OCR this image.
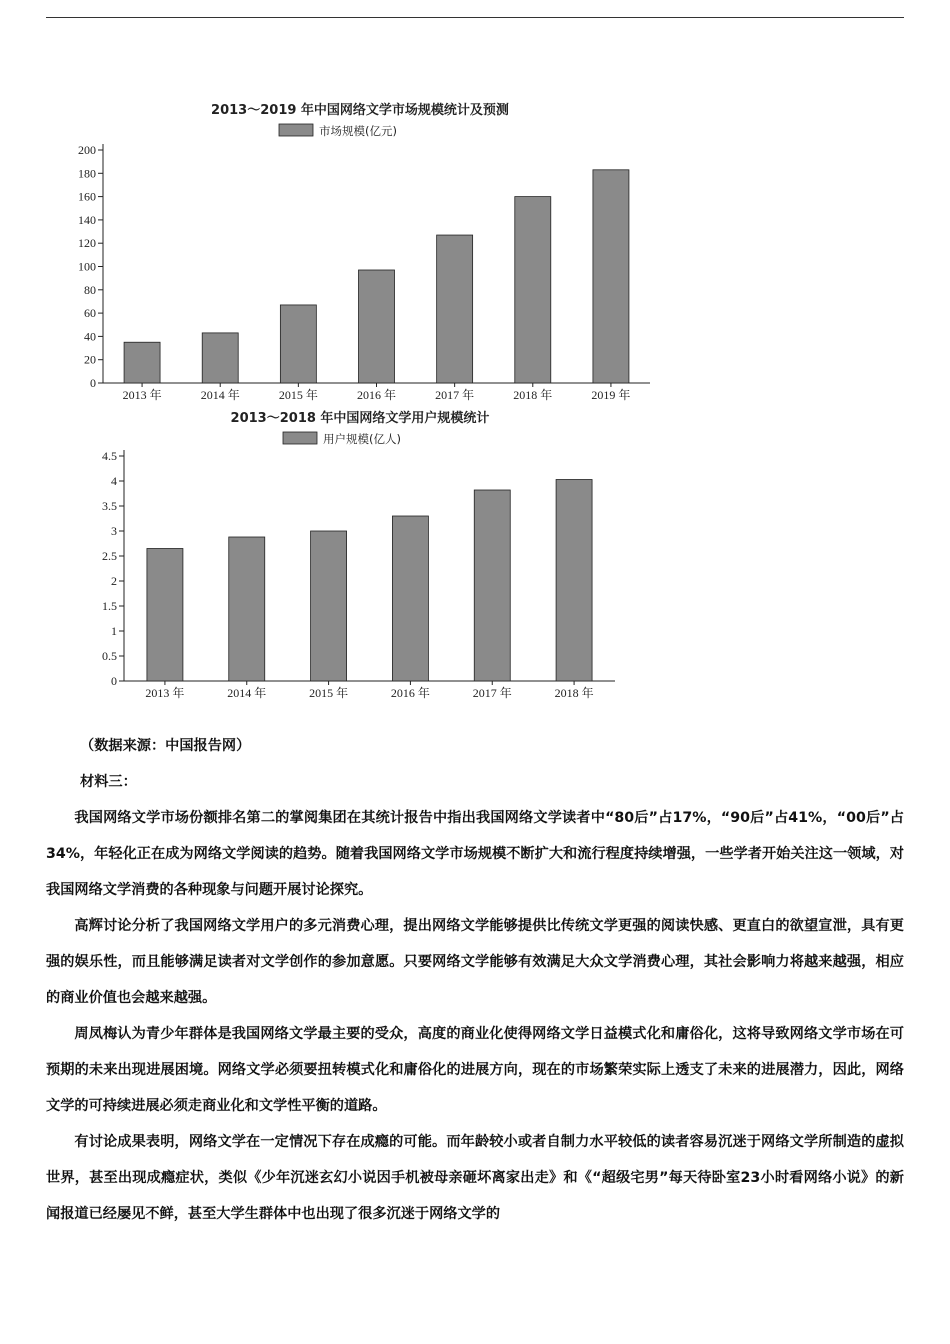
2013～2019 年中国网络文学市场规模统计及预测
市场规模(亿元)
0
20
40
60
80
100
120
140
160
180
200
2013 年	2014 年	2015 年	2016 年	2017 年	2018 年	2019 年
2013～2018 年中国网络文学用户规模统计
用户规模(亿人)
0
0.5
1
1.5
2
2.5
3
3.5
4
4.5
2013 年	2014 年	2015 年	2016 年	2017 年	2018 年
（数据来源：中国报告网）
材料三：

我国网络文学市场份额排名第二的掌阅集团在其统计报告中指出我国网络文学读者中“80后”占17%，“90后”占41%，“00后”占34%，年轻化正在成为网络文学阅读的趋势。随着我国网络文学市场规模不断扩大和流行程度持续增强，一些学者开始关注这一领域，对我国网络文学消费的各种现象与问题开展讨论探究。

高辉讨论分析了我国网络文学用户的多元消费心理，提出网络文学能够提供比传统文学更强的阅读快感、更直白的欲望宣泄，具有更强的娱乐性，而且能够满足读者对文学创作的参加意愿。只要网络文学能够有效满足大众文学消费心理，其社会影响力将越来越强，相应的商业价值也会越来越强。

周凤梅认为青少年群体是我国网络文学最主要的受众，高度的商业化使得网络文学日益模式化和庸俗化，这将导致网络文学市场在可预期的未来出现进展困境。网络文学必须要扭转模式化和庸俗化的进展方向，现在的市场繁荣实际上透支了未来的进展潜力，因此，网络文学的可持续进展必须走商业化和文学性平衡的道路。

有讨论成果表明，网络文学在一定情况下存在成瘾的可能。而年龄较小或者自制力水平较低的读者容易沉迷于网络文学所制造的虚拟世界，甚至出现成瘾症状，类似《少年沉迷玄幻小说因手机被母亲砸坏离家出走》和《“超级宅男”每天待卧室23小时看网络小说》的新闻报道已经屡见不鲜，甚至大学生群体中也出现了很多沉迷于网络文学的
